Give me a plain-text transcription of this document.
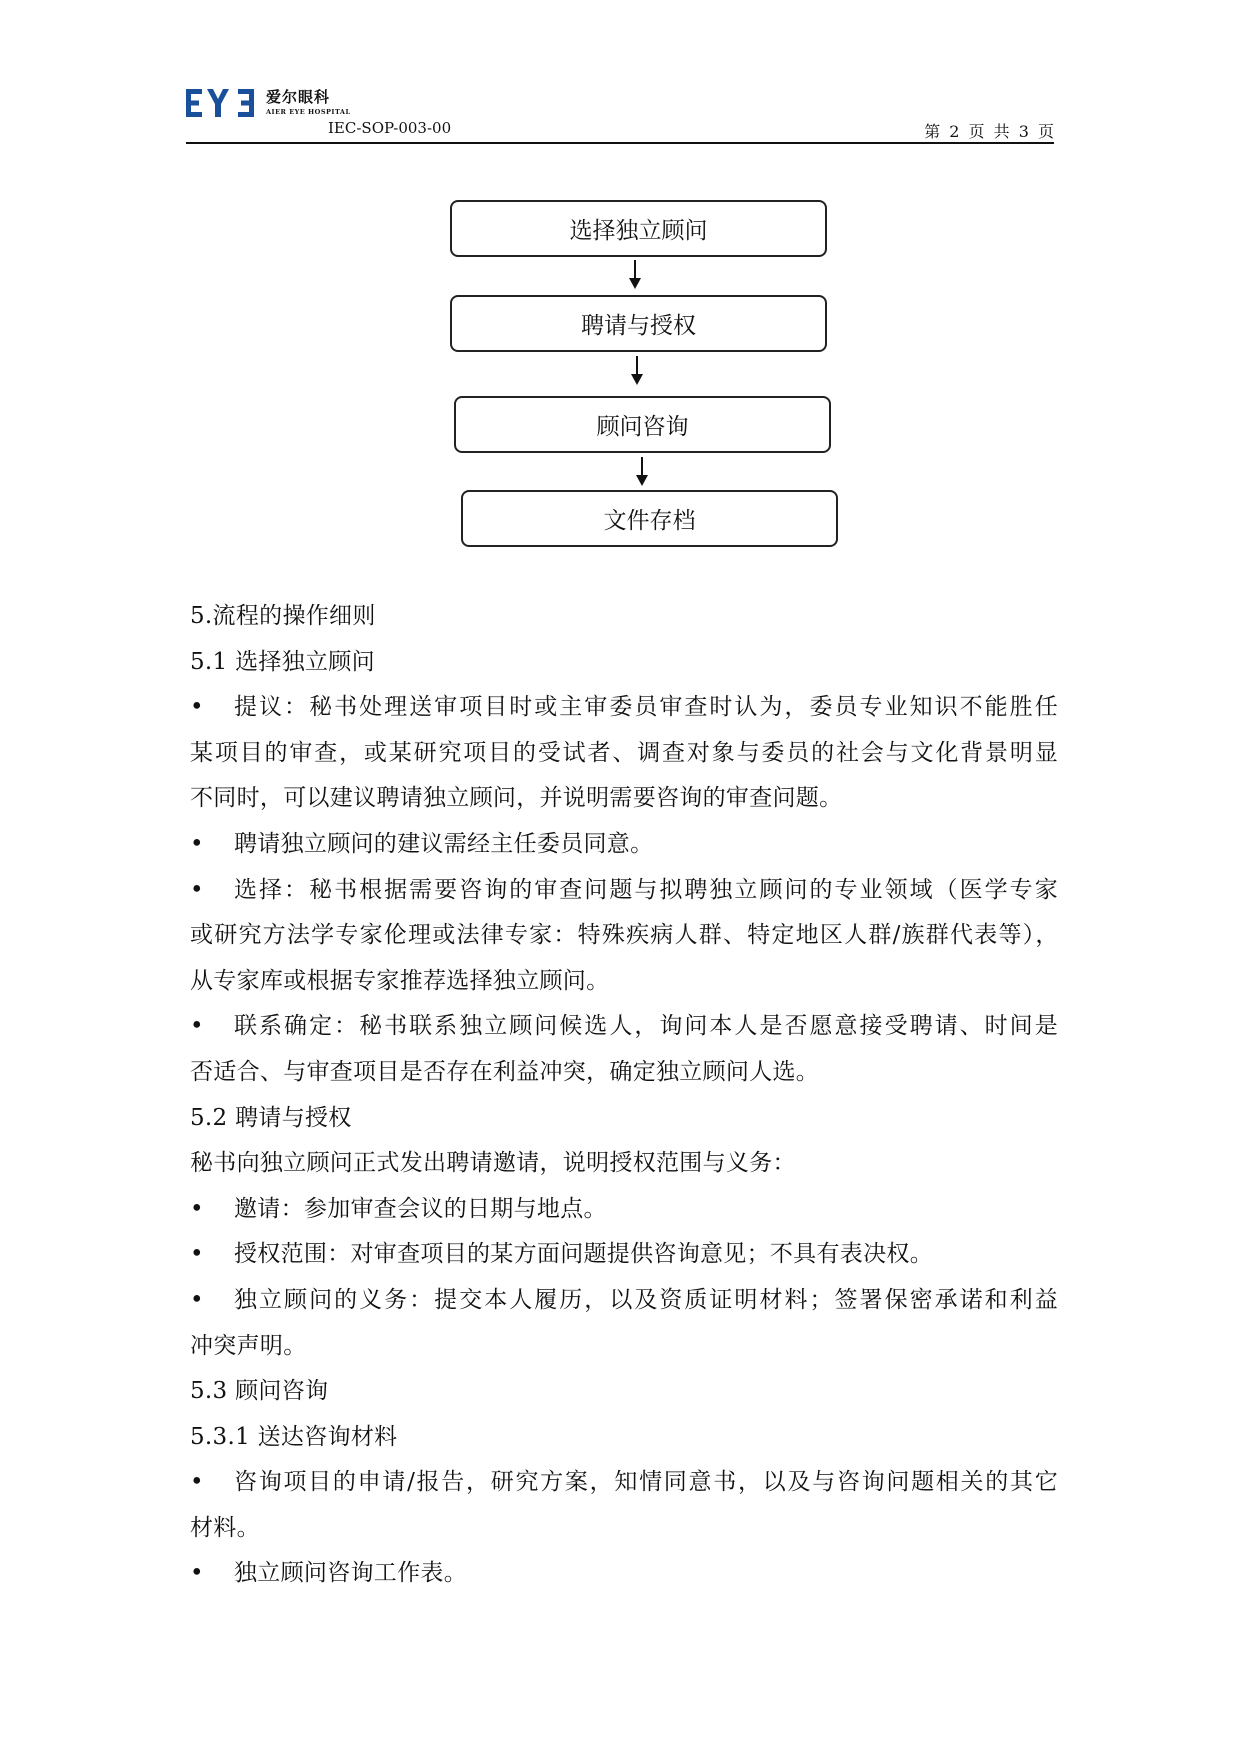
爱尔眼科
AIER EYE HOSPITAL
IEC-SOP-003-00	第 2 页 共 3 页
选择独立顾问
聘请与授权
顾问咨询
文件存档
5.流程的操作细则
5.1 选择独立顾问
•	提议：秘书处理送审项目时或主审委员审查时认为，委员专业知识不能胜任
某项目的审查，或某研究项目的受试者、调查对象与委员的社会与文化背景明显
不同时，可以建议聘请独立顾问，并说明需要咨询的审查问题。
•	聘请独立顾问的建议需经主任委员同意。
•	选择：秘书根据需要咨询的审查问题与拟聘独立顾问的专业领域（医学专家
或研究方法学专家伦理或法律专家：特殊疾病人群、特定地区人群/族群代表等），
从专家库或根据专家推荐选择独立顾问。
•	联系确定：秘书联系独立顾问候选人，询问本人是否愿意接受聘请、时间是
否适合、与审查项目是否存在利益冲突，确定独立顾问人选。
5.2 聘请与授权
秘书向独立顾问正式发出聘请邀请，说明授权范围与义务：
•	邀请：参加审查会议的日期与地点。
•	授权范围：对审查项目的某方面问题提供咨询意见；不具有表决权。
•	独立顾问的义务：提交本人履历，以及资质证明材料；签署保密承诺和利益
冲突声明。
5.3 顾问咨询
5.3.1 送达咨询材料
•	咨询项目的申请/报告，研究方案，知情同意书，以及与咨询问题相关的其它
材料。
•	独立顾问咨询工作表。
